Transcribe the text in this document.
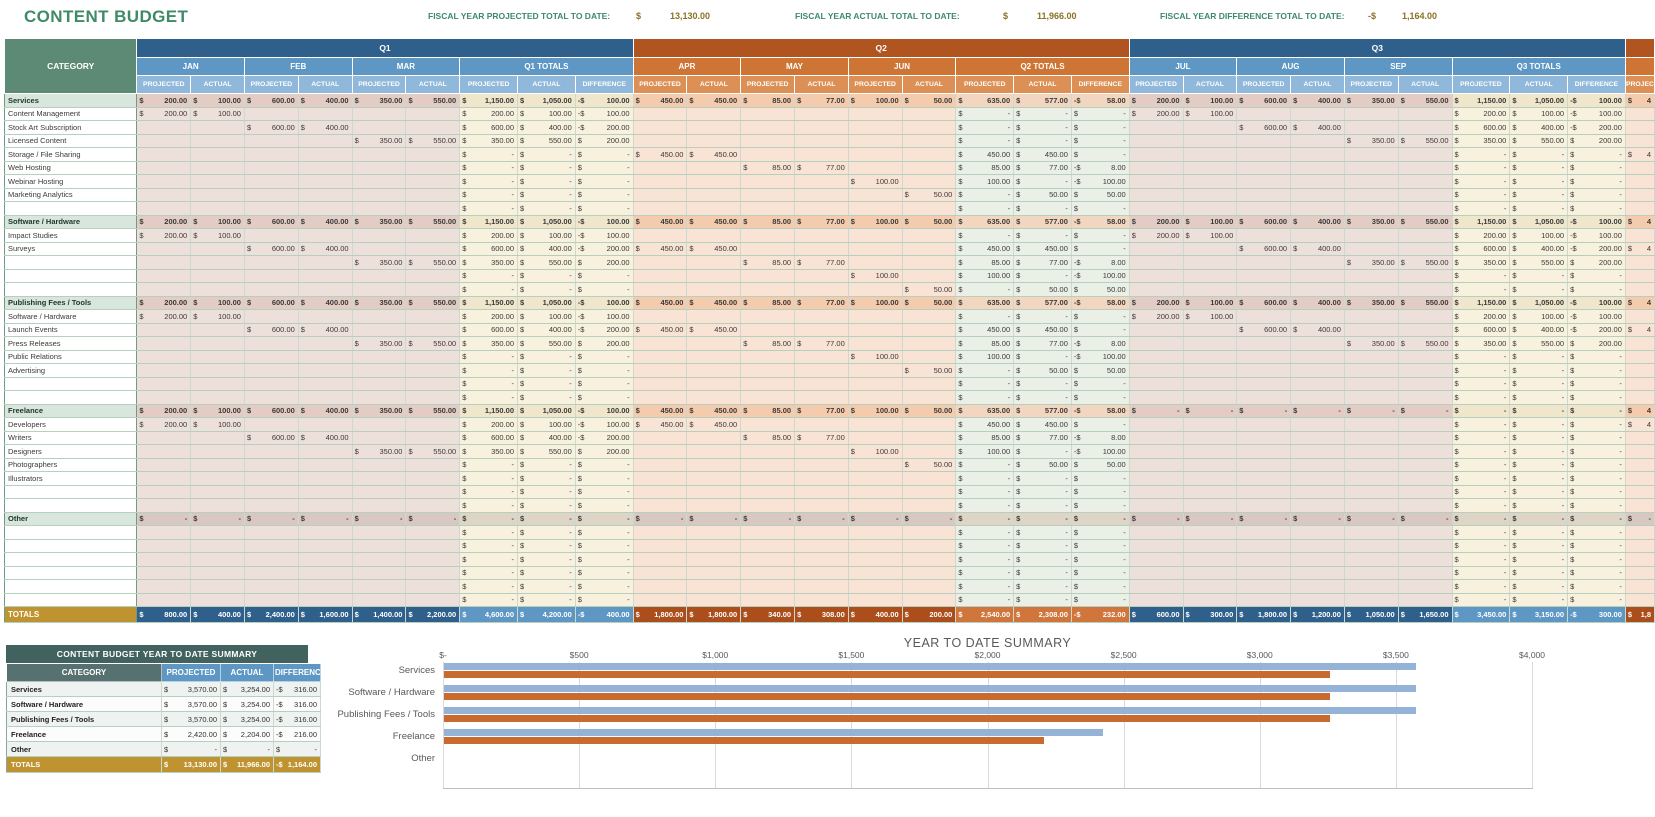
CONTENT BUDGET	FISCAL YEAR PROJECTED TOTAL TO DATE:	$	13,130.00	FISCAL YEAR ACTUAL TOTAL TO DATE:	$	11,966.00	FISCAL YEAR DIFFERENCE TOTAL TO DATE:	-$	1,164.00
CATEGORY	Q1									Q2									Q3									
	JAN		FEB		MAR		Q1 TOTALS			APR		MAY		JUN		Q2 TOTALS			JUL		AUG		SEP		Q3 TOTALS			
	PROJECTED	ACTUAL	PROJECTED	ACTUAL	PROJECTED	ACTUAL	PROJECTED	ACTUAL	DIFFERENCE	PROJECTED	ACTUAL	PROJECTED	ACTUAL	PROJECTED	ACTUAL	PROJECTED	ACTUAL	DIFFERENCE	PROJECTED	ACTUAL	PROJECTED	ACTUAL	PROJECTED	ACTUAL	PROJECTED	ACTUAL	DIFFERENCE	PROJEC
Services	$ 200.00	$ 100.00	$ 600.00	$ 400.00	$ 350.00	$ 550.00	$ 1,150.00	$ 1,050.00	-$ 100.00	$ 450.00	$ 450.00	$ 85.00	$ 77.00	$ 100.00	$ 50.00	$ 635.00	$ 577.00	-$ 58.00	$ 200.00	$ 100.00	$ 600.00	$ 400.00	$ 350.00	$ 550.00	$ 1,150.00	$ 1,050.00	-$ 100.00	$ 4

Content Management	$ 200.00	$ 100.00					$ 200.00	$ 100.00	-$ 100.00							$ -	$ -	$ -	$ 200.00	$ 100.00					$ 200.00	$ 100.00	-$ 100.00	

Stock Art Subscription			$ 600.00	$ 400.00			$ 600.00	$ 400.00	-$ 200.00							$ -	$ -	$ -			$ 600.00	$ 400.00			$ 600.00	$ 400.00	-$ 200.00	

Licensed Content					$ 350.00	$ 550.00	$ 350.00	$ 550.00	$ 200.00							$ -	$ -	$ -					$ 350.00	$ 550.00	$ 350.00	$ 550.00	$ 200.00	

Storage / File Sharing							$ -	$ -	$ -	$ 450.00	$ 450.00					$ 450.00	$ 450.00	$ -							$ -	$ -	$ -	$ 4

Web Hosting							$ -	$ -	$ -			$ 85.00	$ 77.00			$ 85.00	$ 77.00	-$ 8.00							$ -	$ -	$ -	

Webinar Hosting							$ -	$ -	$ -					$ 100.00		$ 100.00	$ -	-$ 100.00							$ -	$ -	$ -	

Marketing Analytics							$ -	$ -	$ -						$ 50.00	$ -	$ 50.00	$ 50.00							$ -	$ -	$ -	

							$ -	$ -	$ -							$ -	$ -	$ -							$ -	$ -	$ -	

Software / Hardware	$ 200.00	$ 100.00	$ 600.00	$ 400.00	$ 350.00	$ 550.00	$ 1,150.00	$ 1,050.00	-$ 100.00	$ 450.00	$ 450.00	$ 85.00	$ 77.00	$ 100.00	$ 50.00	$ 635.00	$ 577.00	-$ 58.00	$ 200.00	$ 100.00	$ 600.00	$ 400.00	$ 350.00	$ 550.00	$ 1,150.00	$ 1,050.00	-$ 100.00	$ 4

Impact Studies	$ 200.00	$ 100.00					$ 200.00	$ 100.00	-$ 100.00							$ -	$ -	$ -	$ 200.00	$ 100.00					$ 200.00	$ 100.00	-$ 100.00	

Surveys			$ 600.00	$ 400.00			$ 600.00	$ 400.00	-$ 200.00	$ 450.00	$ 450.00					$ 450.00	$ 450.00	$ -			$ 600.00	$ 400.00			$ 600.00	$ 400.00	-$ 200.00	$ 4

					$ 350.00	$ 550.00	$ 350.00	$ 550.00	$ 200.00			$ 85.00	$ 77.00			$ 85.00	$ 77.00	-$ 8.00					$ 350.00	$ 550.00	$ 350.00	$ 550.00	$ 200.00	

							$ -	$ -	$ -					$ 100.00		$ 100.00	$ -	-$ 100.00							$ -	$ -	$ -	

							$ -	$ -	$ -						$ 50.00	$ -	$ 50.00	$ 50.00							$ -	$ -	$ -	

Publishing Fees / Tools	$ 200.00	$ 100.00	$ 600.00	$ 400.00	$ 350.00	$ 550.00	$ 1,150.00	$ 1,050.00	-$ 100.00	$ 450.00	$ 450.00	$ 85.00	$ 77.00	$ 100.00	$ 50.00	$ 635.00	$ 577.00	-$ 58.00	$ 200.00	$ 100.00	$ 600.00	$ 400.00	$ 350.00	$ 550.00	$ 1,150.00	$ 1,050.00	-$ 100.00	$ 4

Software / Hardware	$ 200.00	$ 100.00					$ 200.00	$ 100.00	-$ 100.00							$ -	$ -	$ -	$ 200.00	$ 100.00					$ 200.00	$ 100.00	-$ 100.00	

Launch Events			$ 600.00	$ 400.00			$ 600.00	$ 400.00	-$ 200.00	$ 450.00	$ 450.00					$ 450.00	$ 450.00	$ -			$ 600.00	$ 400.00			$ 600.00	$ 400.00	-$ 200.00	$ 4

Press Releases					$ 350.00	$ 550.00	$ 350.00	$ 550.00	$ 200.00			$ 85.00	$ 77.00			$ 85.00	$ 77.00	-$ 8.00					$ 350.00	$ 550.00	$ 350.00	$ 550.00	$ 200.00	

Public Relations							$ -	$ -	$ -					$ 100.00		$ 100.00	$ -	-$ 100.00							$ -	$ -	$ -	

Advertising							$ -	$ -	$ -						$ 50.00	$ -	$ 50.00	$ 50.00							$ -	$ -	$ -	

							$ -	$ -	$ -							$ -	$ -	$ -							$ -	$ -	$ -	

							$ -	$ -	$ -							$ -	$ -	$ -							$ -	$ -	$ -	

Freelance	$ 200.00	$ 100.00	$ 600.00	$ 400.00	$ 350.00	$ 550.00	$ 1,150.00	$ 1,050.00	-$ 100.00	$ 450.00	$ 450.00	$ 85.00	$ 77.00	$ 100.00	$ 50.00	$ 635.00	$ 577.00	-$ 58.00	$ -	$ -	$ -	$ -	$ -	$ -	$ -	$ -	$ -	$ 4

Developers	$ 200.00	$ 100.00					$ 200.00	$ 100.00	-$ 100.00	$ 450.00	$ 450.00					$ 450.00	$ 450.00	$ -							$ -	$ -	$ -	$ 4

Writers			$ 600.00	$ 400.00			$ 600.00	$ 400.00	-$ 200.00			$ 85.00	$ 77.00			$ 85.00	$ 77.00	-$ 8.00							$ -	$ -	$ -	

Designers					$ 350.00	$ 550.00	$ 350.00	$ 550.00	$ 200.00					$ 100.00		$ 100.00	$ -	-$ 100.00							$ -	$ -	$ -	

Photographers							$ -	$ -	$ -						$ 50.00	$ -	$ 50.00	$ 50.00							$ -	$ -	$ -	

Illustrators							$ -	$ -	$ -							$ -	$ -	$ -							$ -	$ -	$ -	

							$ -	$ -	$ -							$ -	$ -	$ -							$ -	$ -	$ -	

							$ -	$ -	$ -							$ -	$ -	$ -							$ -	$ -	$ -	

Other	$ -	$ -	$ -	$ -	$ -	$ -	$ -	$ -	$ -	$ -	$ -	$ -	$ -	$ -	$ -	$ -	$ -	$ -	$ -	$ -	$ -	$ -	$ -	$ -	$ -	$ -	$ -	$ -

							$ -	$ -	$ -							$ -	$ -	$ -							$ -	$ -	$ -	

							$ -	$ -	$ -							$ -	$ -	$ -							$ -	$ -	$ -	

							$ -	$ -	$ -							$ -	$ -	$ -							$ -	$ -	$ -	

							$ -	$ -	$ -							$ -	$ -	$ -							$ -	$ -	$ -	

							$ -	$ -	$ -							$ -	$ -	$ -							$ -	$ -	$ -	

							$ -	$ -	$ -							$ -	$ -	$ -							$ -	$ -	$ -	

TOTALS	$ 800.00	$ 400.00	$ 2,400.00	$ 1,600.00	$ 1,400.00	$ 2,200.00	$ 4,600.00	$ 4,200.00	-$ 400.00	$ 1,800.00	$ 1,800.00	$ 340.00	$ 308.00	$ 400.00	$ 200.00	$ 2,540.00	$ 2,308.00	-$ 232.00	$ 600.00	$ 300.00	$ 1,800.00	$ 1,200.00	$ 1,050.00	$ 1,650.00	$ 3,450.00	$ 3,150.00	-$ 300.00	$ 1,8
CONTENT BUDGET YEAR TO DATE SUMMARY
CATEGORY	PROJECTED	ACTUAL	DIFFERENCE
Services	$ 3,570.00	$ 3,254.00	-$ 316.00

Software / Hardware	$ 3,570.00	$ 3,254.00	-$ 316.00

Publishing Fees / Tools	$ 3,570.00	$ 3,254.00	-$ 316.00

Freelance	$ 2,420.00	$ 2,204.00	-$ 216.00

Other	$ -	$ -	$ -

TOTALS	$ 13,130.00	$ 11,966.00	-$ 1,164.00
YEAR TO DATE SUMMARY
$-	$500	$1,000	$1,500	$2,000	$2,500	$3,000	$3,500	$4,000
Services
Software / Hardware
Publishing Fees / Tools
Freelance
Other
